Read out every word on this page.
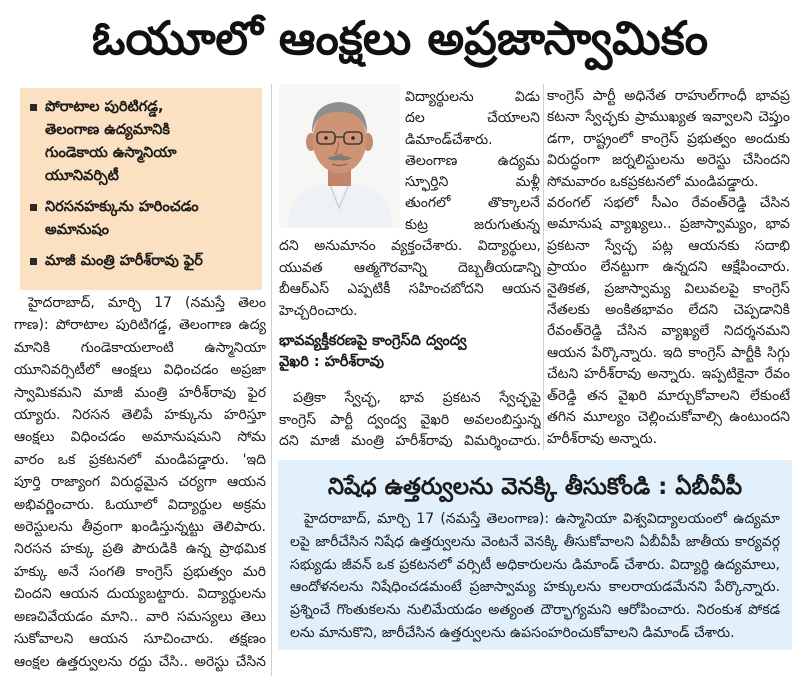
ఓయూలో ఆంక్షలు అప్రజాస్వామికం
పోరాటాల పురిటిగడ్డ,
తెలంగాణ ఉద్యమానికి
గుండెకాయ ఉస్మానియా
యూనివర్సిటీ
నిరసనహక్కును హరించడం
అమానుషం
మాజీ మంత్రి హరీశ్‌రావు ఫైర్
హైదరాబాద్, మార్చి 17 (నమస్తే తెలం
గాణ): పోరాటాల పురిటిగడ్డ, తెలంగాణ ఉద్య
మానికి గుండెకాయలాంటి ఉస్మానియా
యూనివర్సిటీలో ఆంక్షలు విధించడం అప్రజా
స్వామికమని మాజీ మంత్రి హరీశ్‌రావు ఫైర
య్యారు. నిరసన తెలిపే హక్కును హరిస్తూ
ఆంక్షలు విధించడం అమానుషమని సోమ
వారం ఒక ప్రకటనలో మండిపడ్డారు. 'ఇది
పూర్తి రాజ్యాంగ విరుద్ధమైన చర్యగా ఆయన
అభివర్ణించారు. ఓయూలో విద్యార్థుల అక్రమ
అరెస్టులను తీవ్రంగా ఖండిస్తున్నట్టు తెలిపారు.
నిరసన హక్కు ప్రతి పౌరుడికి ఉన్న ప్రాథమిక
హక్కు అనే సంగతి కాంగ్రెస్ ప్రభుత్వం మరి
చిందని ఆయన దుయ్యబట్టారు. విద్యార్థులను
అణచివేయడం మాని.. వారి సమస్యలు తెలు
సుకోవాలని ఆయన సూచించారు. తక్షణం
ఆంక్షల ఉత్తర్వులను రద్దు చేసి.. అరెస్టు చేసిన
విద్యార్థులను విడు
దల చేయాలని
డిమాండ్‌చేశారు.
తెలంగాణ ఉద్యమ
స్ఫూర్తిని మళ్లీ
తుంగలో తొక్కాలనే
కుట్ర జరుగుతున్న
దని అనుమానం వ్యక్తంచేశారు. విద్యార్థులు,
యువత ఆత్మగౌరవాన్ని దెబ్బతీయడాన్ని
బీఆర్ఎస్ ఎప్పటికీ సహించబోదని ఆయన
హెచ్చరించారు.
భావవ్యక్తీకరణపై కాంగ్రెస్‌ది ద్వంద్వ
వైఖరి : హరీశ్‌రావు
పత్రికా స్వేచ్ఛ, భావ ప్రకటన స్వేచ్ఛపై
కాంగ్రెస్ పార్టీ ద్వంద్వ వైఖరి అవలంబిస్తున్న
దని మాజీ మంత్రి హరీశ్‌రావు విమర్శించారు.
కాంగ్రెస్ పార్టీ అధినేత రాహుల్‌గాంధీ భావప్ర
కటనా స్వేచ్ఛకు ప్రాముఖ్యత ఇవ్వాలని చెప్తుం
డగా, రాష్ట్రంలో కాంగ్రెస్ ప్రభుత్వం అందుకు
విరుద్ధంగా జర్నలిస్టులను అరెస్టు చేసిందని
సోమవారం ఒకప్రకటనలో మండిపడ్డారు.
వరంగల్ సభలో సీఎం రేవంత్‌రెడ్డి చేసిన
అమానుష వ్యాఖ్యలు.. ప్రజాస్వామ్యం, భావ
ప్రకటనా స్వేచ్ఛ పట్ల ఆయనకు సదాభి
ప్రాయం లేనట్టుగా ఉన్నదని ఆక్షేపించారు.
నైతికత, ప్రజాస్వామ్య విలువలపై కాంగ్రెస్
నేతలకు అంకితభావం లేదని చెప్పడానికి
రేవంత్‌రెడ్డి చేసిన వ్యాఖ్యలే నిదర్శనమని
ఆయన పేర్కొన్నారు. ఇది కాంగ్రెస్ పార్టీకి సిగ్గు
చేటని హరీశ్‌రావు అన్నారు. ఇప్పటికైనా రేవం
త్‌రెడ్డి తన వైఖరి మార్చుకోవాలని లేకుంటే
తగిన మూల్యం చెల్లించుకోవాల్సి ఉంటుందని
హరీశ్‌రావు అన్నారు.
నిషేధ ఉత్తర్వులను వెనక్కి తీసుకోండి : ఏబీవీపీ
హైదరాబాద్, మార్చి 17 (నమస్తే తెలంగాణ): ఉస్మానియా విశ్వవిద్యాలయంలో ఉద్యమా
లపై జారీచేసిన నిషేధ ఉత్తర్వులను వెంటనే వెనక్కి తీసుకోవాలని ఏబీవీపీ జాతీయ కార్యవర్గ
సభ్యుడు జీవన్ ఒక ప్రకటనలో వర్సిటీ అధికారులను డిమాండ్ చేశారు. విద్యార్థి ఉద్యమాలు,
ఆందోళనలను నిషేధించడమంటే ప్రజాస్వామ్య హక్కులను కాలరాయడమేనని పేర్కొన్నారు.
ప్రశ్నించే గొంతుకలను నులిమేయడం అత్యంత దౌర్భాగ్యమని ఆరోపించారు. నిరంకుశ పోకడ
లను మానుకొని, జారీచేసిన ఉత్తర్వులను ఉపసంహరించుకోవాలని డిమాండ్ చేశారు.
